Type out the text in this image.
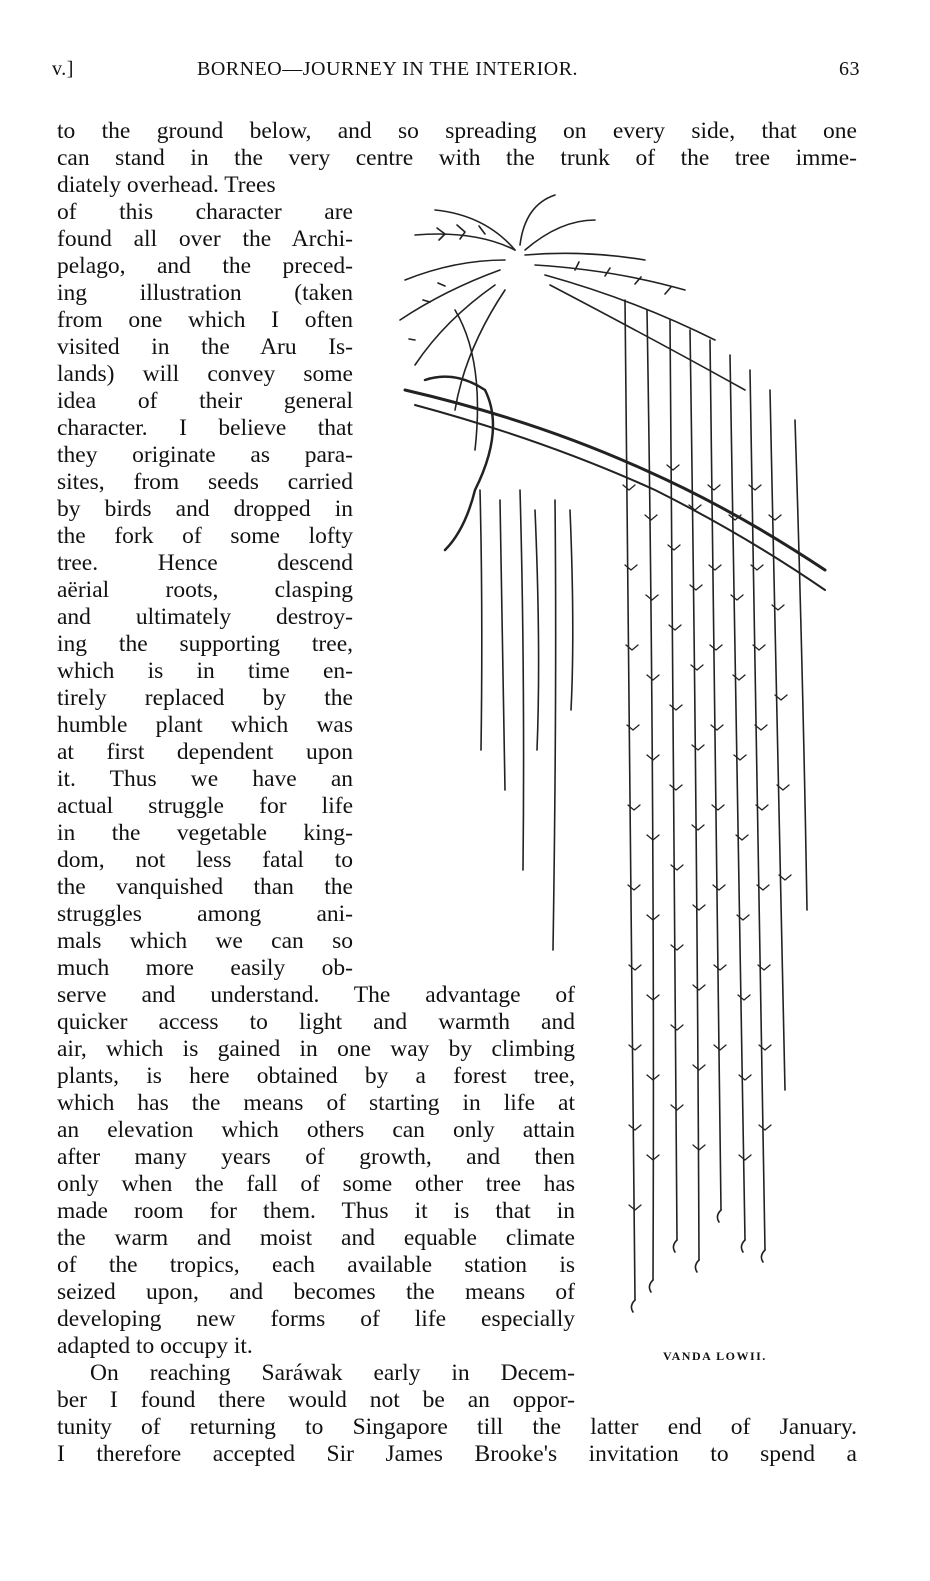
v.]	BORNEO—JOURNEY IN THE INTERIOR.	63
to the ground below, and so spreading on every side, that one
can stand in the very centre with the trunk of the tree imme-
diately overhead. Trees
of this character are
found all over the Archi-
pelago, and the preced-
ing illustration (taken
from one which I often
visited in the Aru Is-
lands) will convey some
idea of their general
character. I believe that
they originate as para-
sites, from seeds carried
by birds and dropped in
the fork of some lofty
tree. Hence descend
aërial roots, clasping
and ultimately destroy-
ing the supporting tree,
which is in time en-
tirely replaced by the
humble plant which was
at first dependent upon
it. Thus we have an
actual struggle for life
in the vegetable king-
dom, not less fatal to
the vanquished than the
struggles among ani-
mals which we can so
much more easily ob-
serve and understand. The advantage of
quicker access to light and warmth and
air, which is gained in one way by climbing
plants, is here obtained by a forest tree,
which has the means of starting in life at
an elevation which others can only attain
after many years of growth, and then
only when the fall of some other tree has
made room for them. Thus it is that in
the warm and moist and equable climate
of the tropics, each available station is
seized upon, and becomes the means of
developing new forms of life especially
adapted to occupy it.
On reaching Saráwak early in Decem-
ber I found there would not be an oppor-
tunity of returning to Singapore till the latter end of January.
I therefore accepted Sir James Brooke's invitation to spend a
VANDA LOWII.
